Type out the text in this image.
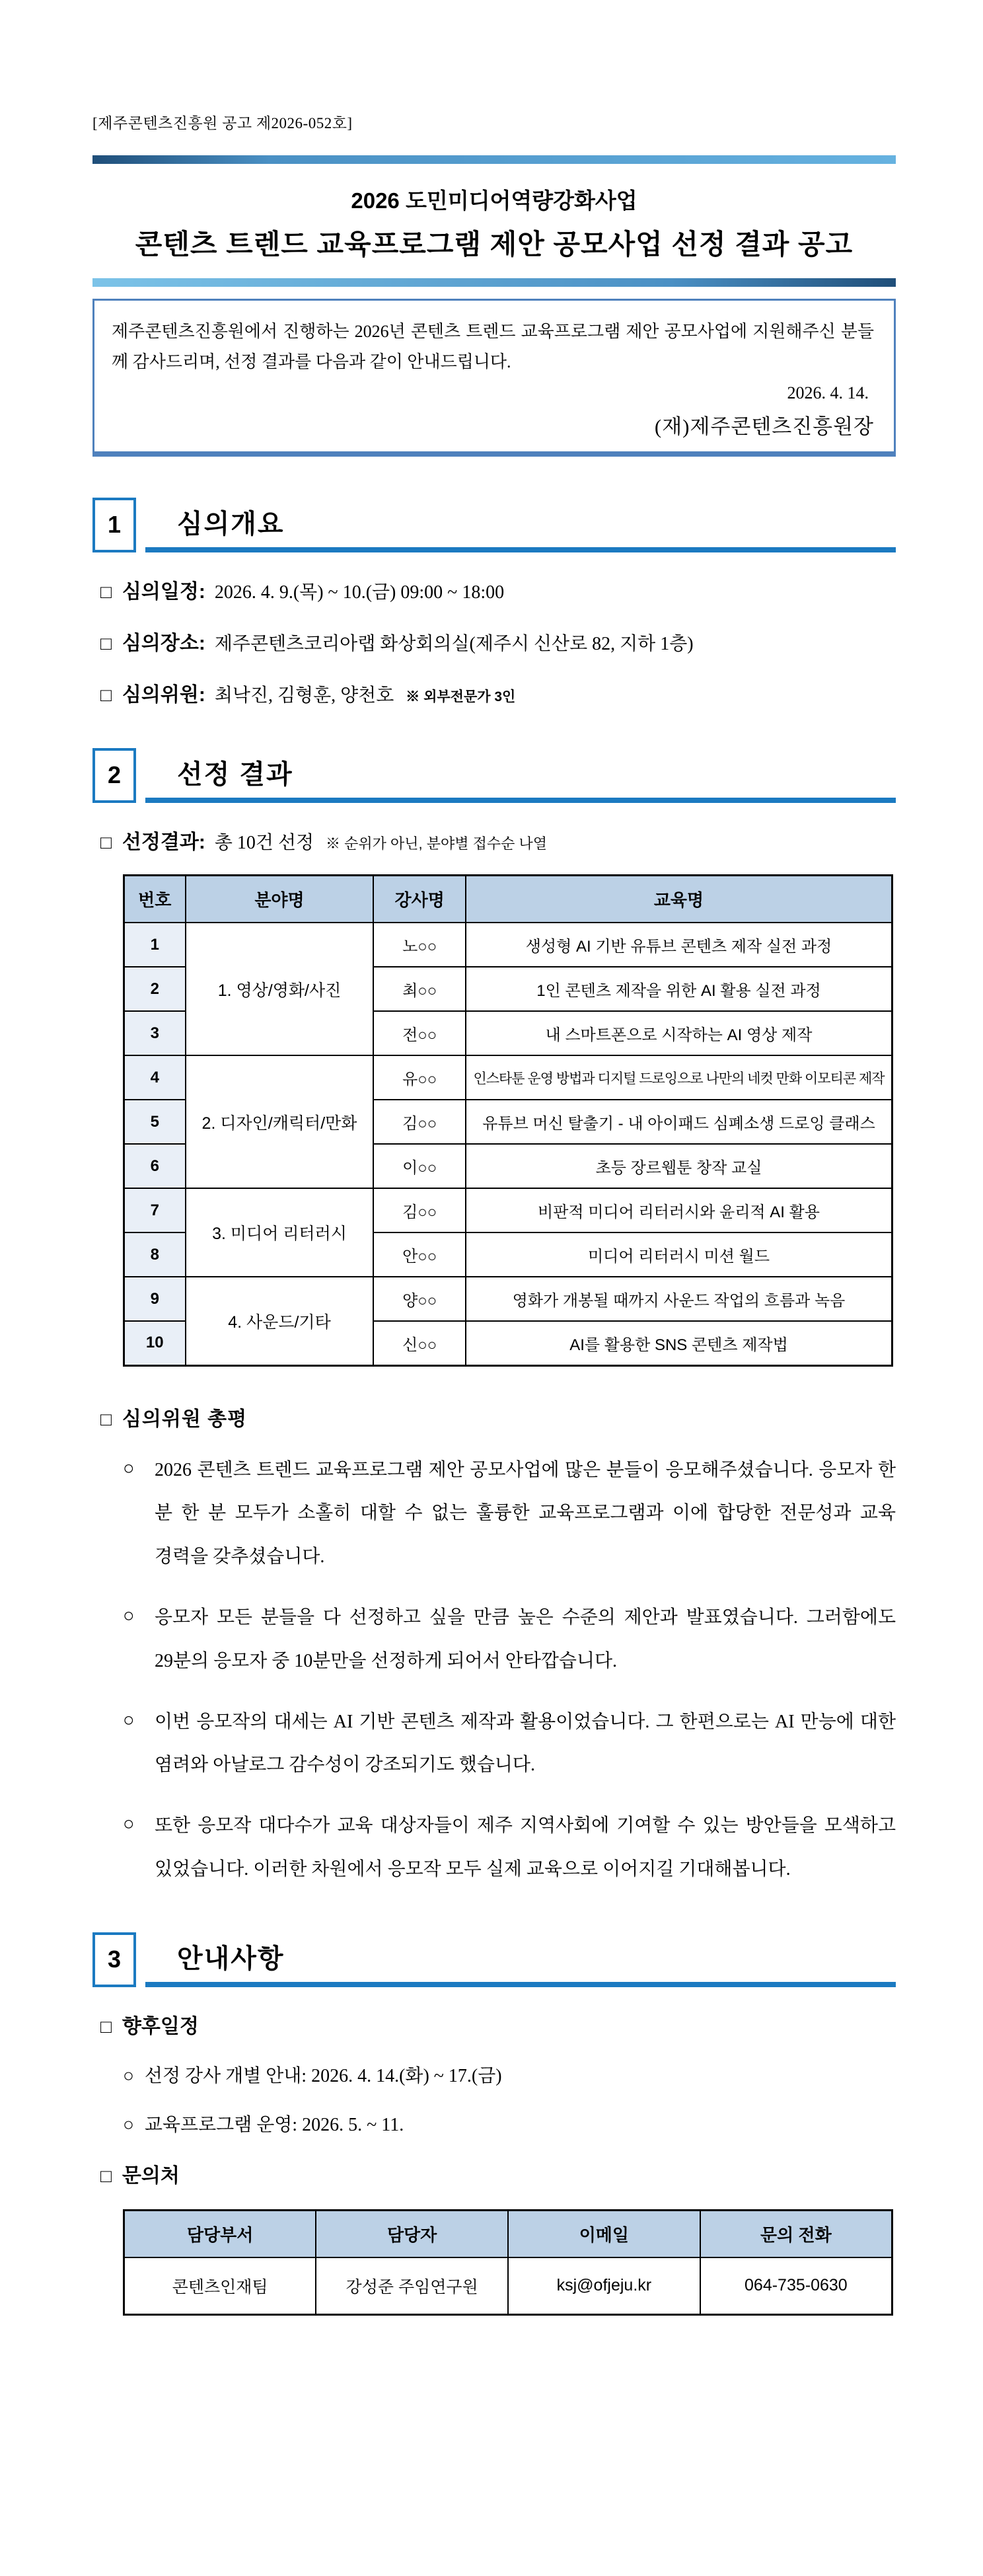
[제주콘텐츠진흥원 공고 제2026-052호]
2026 도민미디어역량강화사업
콘텐츠 트렌드 교육프로그램 제안 공모사업 선정 결과 공고

제주콘텐츠진흥원에서 진행하는 2026년 콘텐츠 트렌드 교육프로그램 제안 공모사업에 지원해주신 분들께 감사드리며, 선정 결과를 다음과 같이 안내드립니다.

2026. 4. 14.
(재)제주콘텐츠진흥원장
1	심의개요
□ 심의일정: 2026. 4. 9.(목) ~ 10.(금) 09:00 ~ 18:00
□ 심의장소: 제주콘텐츠코리아랩 화상회의실(제주시 신산로 82, 지하 1층)
□ 심의위원: 최낙진, 김형훈, 양천호 ※ 외부전문가 3인
2	선정 결과
□ 선정결과: 총 10건 선정 ※ 순위가 아닌, 분야별 접수순 나열
번호	분야명	강사명	교육명
1	1. 영상/영화/사진	노○○	생성형 AI 기반 유튜브 콘텐츠 제작 실전 과정
2		최○○	1인 콘텐츠 제작을 위한 AI 활용 실전 과정
3		전○○	내 스마트폰으로 시작하는 AI 영상 제작
4	2. 디자인/캐릭터/만화	유○○	인스타툰 운영 방법과 디지털 드로잉으로 나만의 네컷 만화 이모티콘 제작
5		김○○	유튜브 머신 탈출기 - 내 아이패드 심폐소생 드로잉 클래스
6		이○○	초등 장르웹툰 창작 교실
7	3. 미디어 리터러시	김○○	비판적 미디어 리터러시와 윤리적 AI 활용
8		안○○	미디어 리터러시 미션 월드
9	4. 사운드/기타	양○○	영화가 개봉될 때까지 사운드 작업의 흐름과 녹음
10		신○○	AI를 활용한 SNS 콘텐츠 제작법
□ 심의위원 총평
○	2026 콘텐츠 트렌드 교육프로그램 제안 공모사업에 많은 분들이 응모해주셨습니다. 응모자 한 분 한 분 모두가 소홀히 대할 수 없는 훌륭한 교육프로그램과 이에 합당한 전문성과 교육 경력을 갖추셨습니다.

○	응모자 모든 분들을 다 선정하고 싶을 만큼 높은 수준의 제안과 발표였습니다. 그러함에도 29분의 응모자 중 10분만을 선정하게 되어서 안타깝습니다.

○	이번 응모작의 대세는 AI 기반 콘텐츠 제작과 활용이었습니다. 그 한편으로는 AI 만능에 대한 염려와 아날로그 감수성이 강조되기도 했습니다.

○	또한 응모작 대다수가 교육 대상자들이 제주 지역사회에 기여할 수 있는 방안들을 모색하고 있었습니다. 이러한 차원에서 응모작 모두 실제 교육으로 이어지길 기대해봅니다.

3	안내사항
□ 향후일정
○ 선정 강사 개별 안내: 2026. 4. 14.(화) ~ 17.(금)
○ 교육프로그램 운영: 2026. 5. ~ 11.
□ 문의처
담당부서	담당자	이메일	문의 전화
콘텐츠인재팀	강성준 주임연구원	ksj@ofjeju.kr	064-735-0630
